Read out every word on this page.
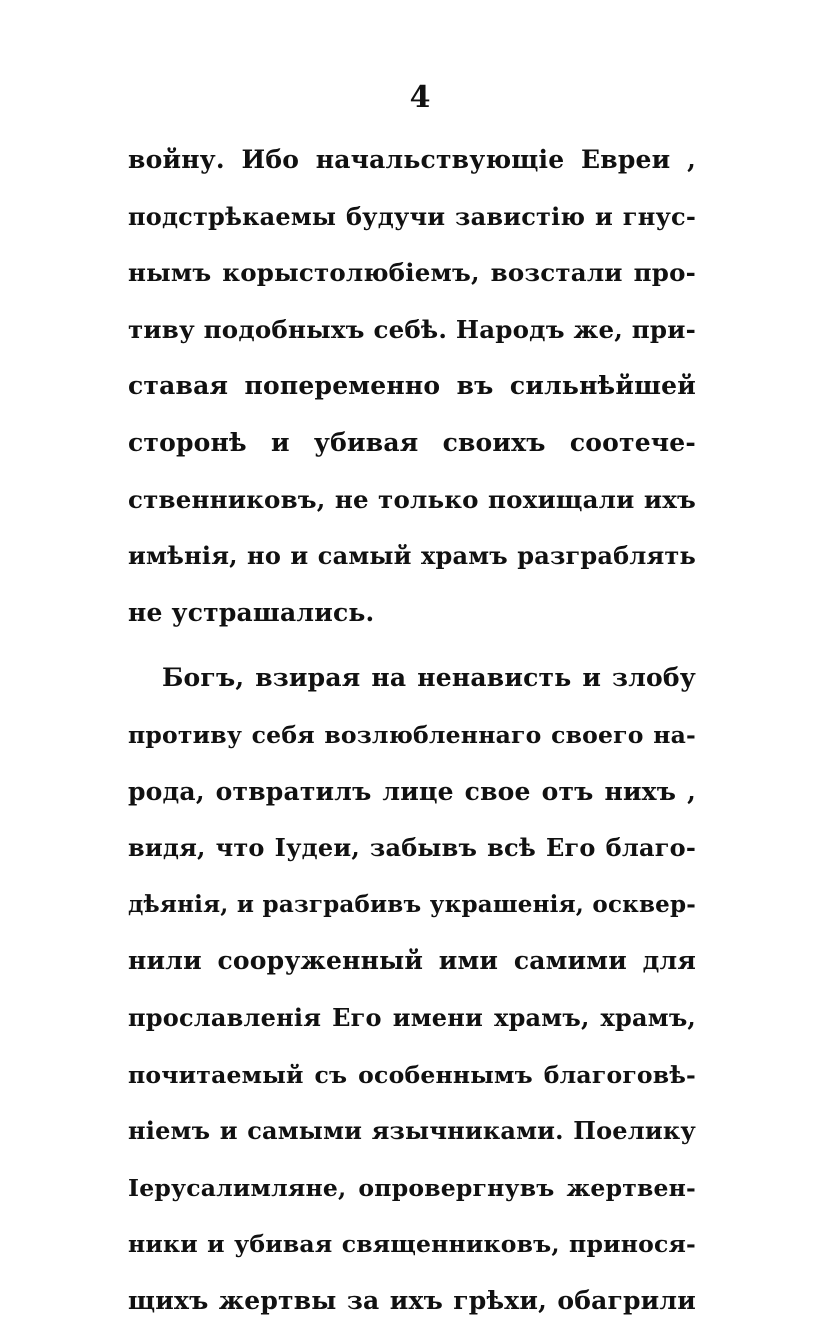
4
войну. Ибо начальствующіе Евреи ,
подстрѣкаемы будучи завистію и гнус-
нымъ корыстолюбіемъ, возстали про-
тиву подобныхъ себѣ. Народъ же, при-
ставая попеременно въ сильнѣйшей
сторонѣ и убивая своихъ соотече-
ственниковъ, не только похищали ихъ
имѣнія, но и самый храмъ разграблять
не устрашались.
Богъ, взирая на ненависть и злобу
противу себя возлюбленнаго своего на-
рода, отвратилъ лице свое отъ нихъ ,
видя, что Іудеи, забывъ всѣ Его благо-
дѣянія, и разграбивъ украшенія, осквер-
нили сооруженный ими самими для
прославленія Его имени храмъ, храмъ,
почитаемый съ особеннымъ благоговѣ-
ніемъ и самыми язычниками. Поелику
Іерусалимляне, опровергнувъ жертвен-
ники и убивая священниковъ, принося-
щихъ жертвы за ихъ грѣхи, обагрили
